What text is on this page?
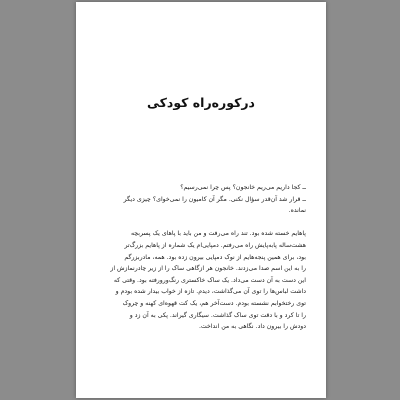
درکوره‌راه کودکی
ــ کجا داریم می‌ریم خانجون؟ پس چرا نمی‌رسیم؟
ــ قرار شد آن‌قدر سؤال نکنی. مگر آن کامیون را نمی‌خوای؟ چیزی دیگر
نمانده.
پاهایم خسته شده بود. تند راه می‌رفت و من باید با پاهای یک پسربچه
هشت‌ساله پابه‌پایش راه می‌رفتم. دمپایی‌ام یک شماره از پاهایم بزرگ‌تر
بود، برای همین پنجه‌هایم از نوک دمپایی بیرون زده بود. همه، مادربزرگم
را به این اسم صدا می‌زدند. خانجون هر ازگاهی ساک را از زیر چادرنمازش از
این دست به آن دست می‌داد. یک ساک خاکستری رنگ‌ورورفته بود. وقتی که
داشت لباس‌ها را توی آن می‌گذاشت، دیدم. تازه از خواب بیدار شده بودم و
توی رختخوابم نشسته بودم. دست‌آخر هم، یک کت قهوه‌ای کهنه و چروک
را تا کرد و با دقت توی ساک گذاشت. سیگاری گیراند. پکی به آن زد و
دودش را بیرون داد. نگاهی به من انداخت.
